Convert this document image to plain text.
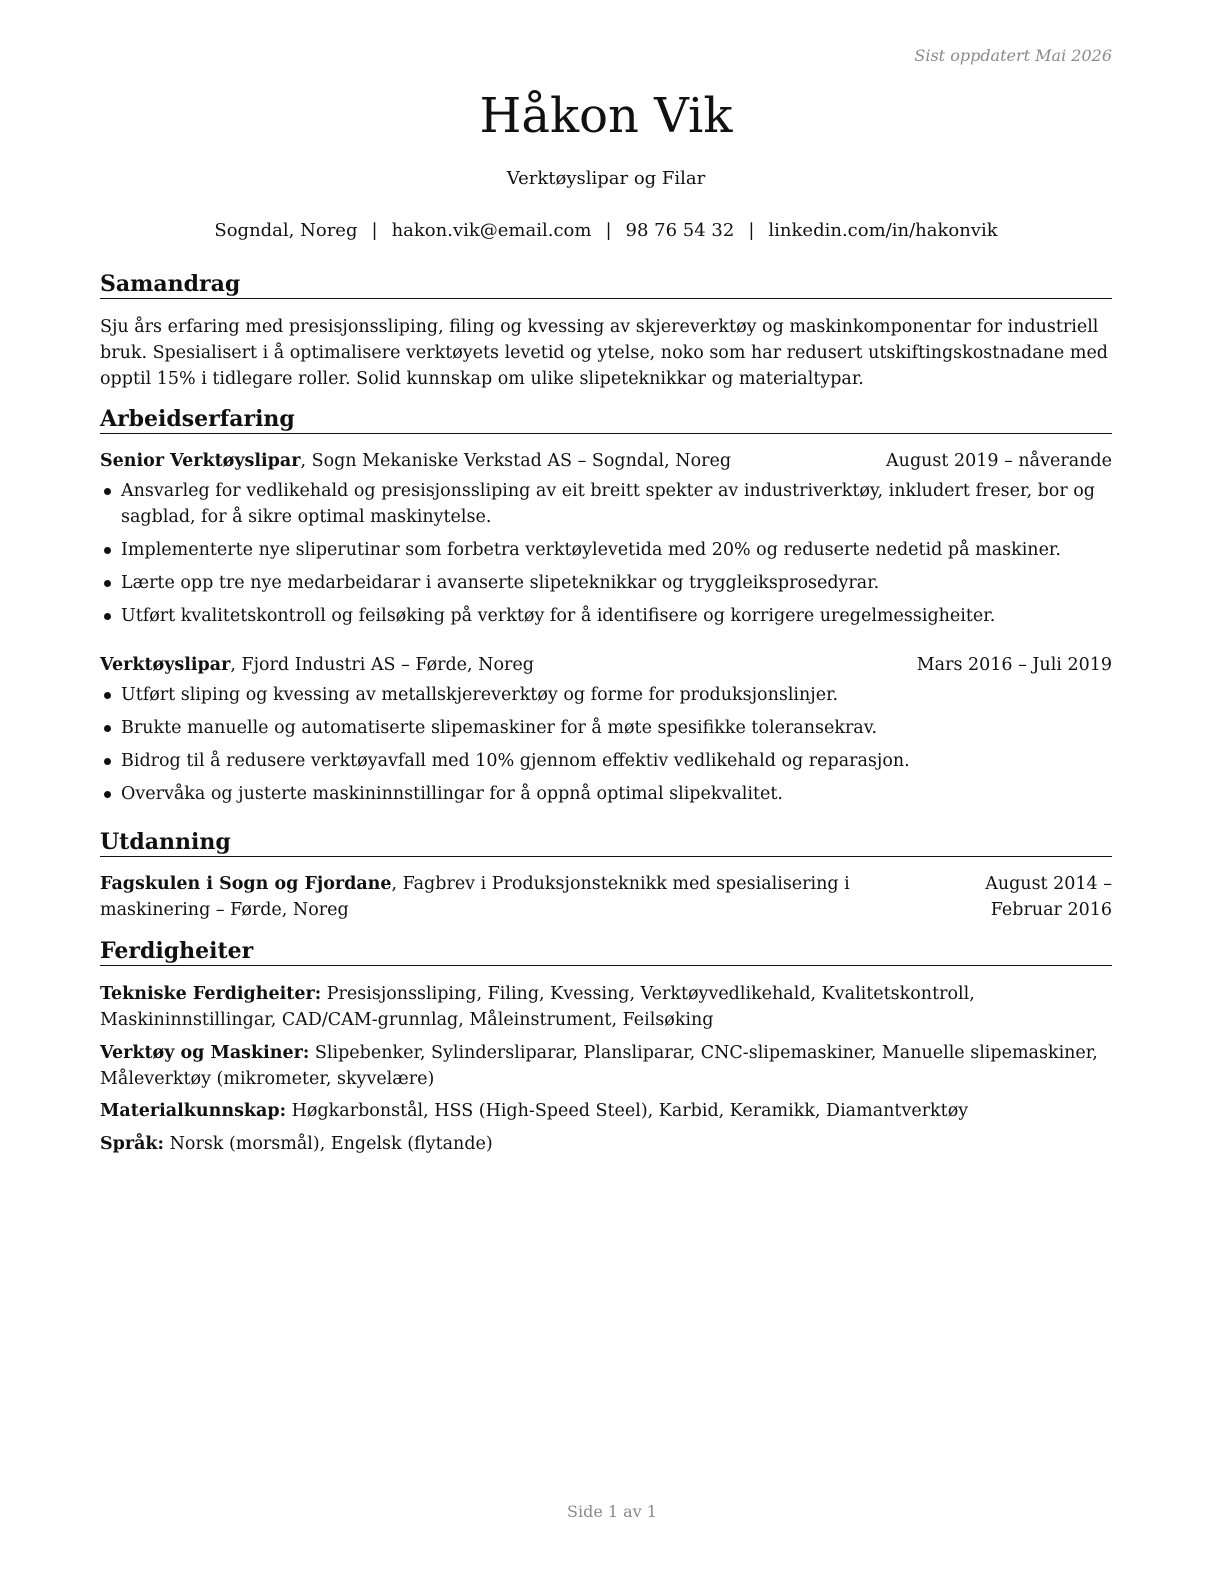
Sist oppdatert Mai 2026
Håkon Vik
Verktøyslipar og Filar
Sogndal, Noreg | hakon.vik@email.com | 98 76 54 32 | linkedin.com/in/hakonvik
Samandrag
Sju års erfaring med presisjonssliping, filing og kvessing av skjereverktøy og maskinkomponentar for industriell bruk. Spesialisert i å optimalisere verktøyets levetid og ytelse, noko som har redusert utskiftingskostnadane med opptil 15% i tidlegare roller. Solid kunnskap om ulike slipeteknikkar og materialtypar.
Arbeidserfaring
Senior Verktøyslipar, Sogn Mekaniske Verkstad AS – Sogndal, Noreg	August 2019 – nåverande
Ansvarleg for vedlikehald og presisjonssliping av eit breitt spekter av industriverktøy, inkludert freser, bor og sagblad, for å sikre optimal maskinytelse.
Implementerte nye sliperutinar som forbetra verktøylevetida med 20% og reduserte nedetid på maskiner.
Lærte opp tre nye medarbeidarar i avanserte slipeteknikkar og tryggleiksprosedyrar.
Utført kvalitetskontroll og feilsøking på verktøy for å identifisere og korrigere uregelmessigheiter.
Verktøyslipar, Fjord Industri AS – Førde, Noreg	Mars 2016 – Juli 2019
Utført sliping og kvessing av metallskjereverktøy og forme for produksjonslinjer.
Brukte manuelle og automatiserte slipemaskiner for å møte spesifikke toleransekrav.
Bidrog til å redusere verktøyavfall med 10% gjennom effektiv vedlikehald og reparasjon.
Overvåka og justerte maskininnstillingar for å oppnå optimal slipekvalitet.
Utdanning
Fagskulen i Sogn og Fjordane, Fagbrev i Produksjonsteknikk med spesialisering i maskinering – Førde, Noreg
August 2014 – Februar 2016
Ferdigheiter
Tekniske Ferdigheiter: Presisjonssliping, Filing, Kvessing, Verktøyvedlikehald, Kvalitetskontroll, Maskininnstillingar, CAD/CAM-grunnlag, Måleinstrument, Feilsøking
Verktøy og Maskiner: Slipebenker, Sylindersliparar, Plansliparar, CNC-slipemaskiner, Manuelle slipemaskiner, Måleverktøy (mikrometer, skyvelære)
Materialkunnskap: Høgkarbonstål, HSS (High-Speed Steel), Karbid, Keramikk, Diamantverktøy
Språk: Norsk (morsmål), Engelsk (flytande)
Side 1 av 1
